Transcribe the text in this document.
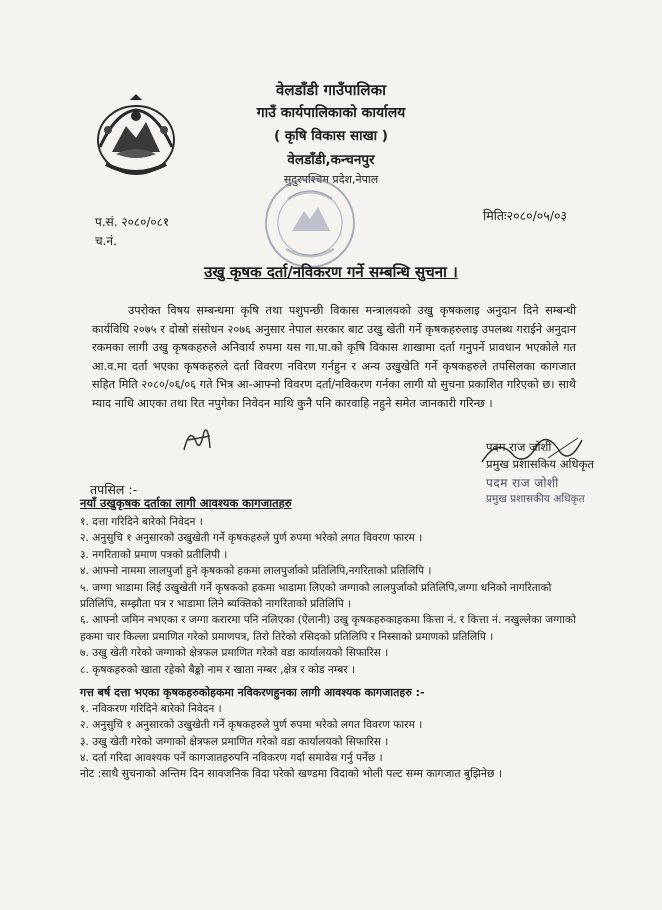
वेलडाँडी गाउँपालिका
गाउँ कार्यपालिकाको कार्यालय
( कृषि विकास साखा )
वेलडाँडी,कन्चनपुर
सुदुरपश्चिम प्रदेश,नेपाल
प.सं. २०८०/०८१
च.नं.
मितिः२०८०/०५/०३
उखु कृषक दर्ता/नविकरण गर्ने सम्बन्धि सुचना ।
उपरोक्त विषय सम्बन्धमा कृषि तथा पशुपन्छी विकास मन्त्रालयको उखु कृषकलाइ अनुदान दिने सम्बन्धी कार्यविधि २०७५ र दोस्रो संसोधन २०७६ अनुसार नेपाल सरकार बाट उखु खेती गर्ने कृषकहरुलाइ उपलब्ध गराईने अनुदान रकमका लागी उखु कृषकहरुले अनिवार्य रुपमा यस गा.पा.को कृषि विकास शाखामा दर्ता गनुपर्ने प्रावधान भएकोले गत आ.व.मा दर्ता भएका कृषकहरुले दर्ता विवरण नविरण गर्नहुन र अन्य उखुखेति गर्ने कृषकहरुले तपसिलका कागजात सहित मिति २०८०/०६/०६ गते भित्र आ-आफ्नो विवरण दर्ता/नविकरण गर्नका लागी यो सुचना प्रकाशित गरिएको छ। साथै म्याद नाधि आएका तथा रित नपुगेका निवेदन माथि कुनै पनि कारवाहि नहुने समेत जानकारी गरिन्छ ।
पदम राज जोशी
प्रमुख प्रशासकिय अधिकृत
पदम राज जोशी
प्रमुख प्रशासकीय अधिकृत
तपसिल :-
नयाँ उखुकृषक दर्ताका लागी आवश्यक कागजातहरु
१. दत्ता गरिदिने बारेको निवेदन ।
२. अनुसुचि १ अनुसारको उखुखेती गर्ने कृषकहरुले पुर्ण रुपमा भरेको लगत विवरण फारम ।
३. नगरिताको प्रमाण पत्रको प्रतीलिपी ।
४. आफ्नो नाममा लालपुर्जा हुने कृषकको हकमा लालपुर्जाको प्रतिलिपि,नगरिताको प्रतिलिपि ।
५. जग्गा भाडामा लिई उखुखेती गर्ने कृषकको हकमा भाडामा लिएको जग्गाको लालपुर्जाको प्रतिलिपि,जग्गा धनिको नागरिताको प्रतिलिपि, सम्झौता पत्र र भाडामा लिने ब्यक्तिको नागरिताको प्रतिलिपि ।
६. आफ्नो जमिन नभएका र जग्गा करारमा पनि नलिएका (ऐलानी) उखु कृषकहरुकाहकमा कित्ता नं. र कित्ता नं. नखुल्लेका जग्गाको हकमा चार किल्ला प्रमाणित गरेको प्रमाणपत्र, तिरो तिरेको रसिदको प्रतिलिपि र निस्साको प्रमाणको प्रतिलिपि ।
७. उखु खेती गरेको जग्गाको क्षेत्रफल प्रमाणित गरेको वडा कार्यालयको सिफारिस ।
८. कृषकहरुको खाता रहेको बैङ्को नाम र खाता नम्बर ,क्षेत्र र कोड नम्बर ।
गत्त बर्ष दत्ता भएका कृषकहरुकोहकमा नविकरणहुनका लागी आवश्यक कागजातहरु :-
१. नविकरण गरिदिने बारेको निवेदन ।
२. अनुसुचि १ अनुसारको उखुखेती गर्ने कृषकहरुले पुर्ण रुपमा भरेको लगत विवरण फारम ।
३. उखु खेती गरेको जग्गाको क्षेत्रफल प्रमाणित गरेको वडा कार्यालयको सिफारिस ।
४. दर्ता गरिदा आवश्यक पर्ने कागजातहरुपनि नविकरण गर्दा समावेस गर्नु पर्नेछ ।
नोट :साथै सुचनाको अन्तिम दिन सावजनिक विदा परेको खण्डमा विदाको भोली पल्ट सम्म कागजात बुझिनेछ ।
